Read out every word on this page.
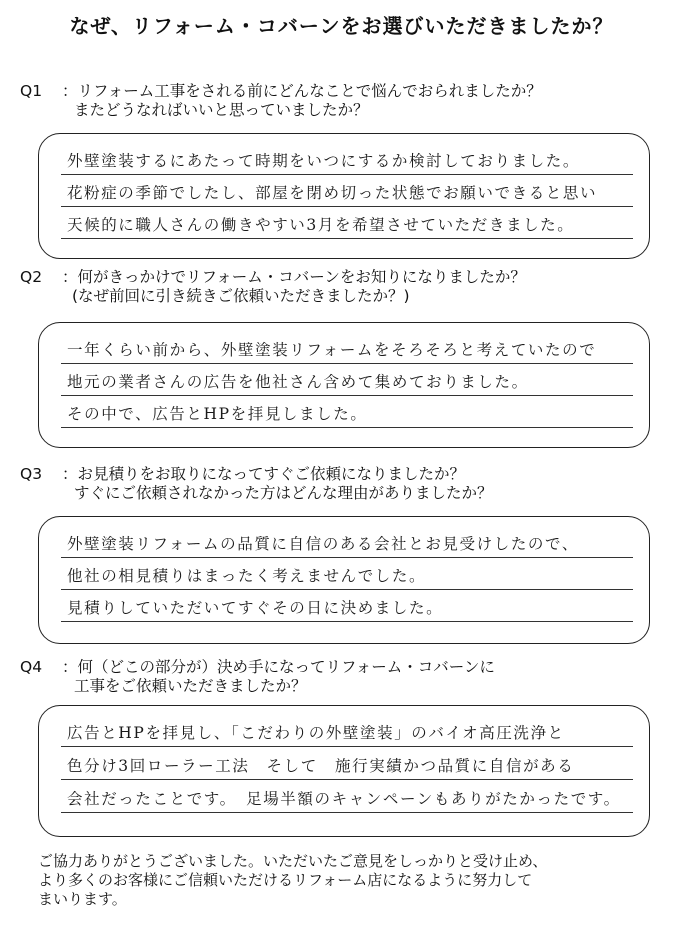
なぜ、リフォーム・コバーンをお選びいただきましたか？
Q1	：リフォーム工事をされる前にどんなことで悩んでおられましたか？
またどうなればいいと思っていましたか？
外壁塗装するにあたって時期をいつにするか検討しておりました。
花粉症の季節でしたし、部屋を閉め切った状態でお願いできると思い
天候的に職人さんの働きやすい3月を希望させていただきました。
Q2	：何がきっかけでリフォーム・コバーンをお知りになりましたか？
(なぜ前回に引き続きご依頼いただきましたか？)
一年くらい前から、外壁塗装リフォームをそろそろと考えていたので
地元の業者さんの広告を他社さん含めて集めておりました。
その中で、広告とHPを拝見しました。
Q3	：お見積りをお取りになってすぐご依頼になりましたか？
すぐにご依頼されなかった方はどんな理由がありましたか？
外壁塗装リフォームの品質に自信のある会社とお見受けしたので、
他社の相見積りはまったく考えませんでした。
見積りしていただいてすぐその日に決めました。
Q4	：何（どこの部分が）決め手になってリフォーム・コバーンに
工事をご依頼いただきましたか？
広告とHPを拝見し、「こだわりの外壁塗装」のバイオ高圧洗浄と
色分け3回ローラー工法　そして　施行実績かつ品質に自信がある
会社だったことです。　足場半額のキャンペーンもありがたかったです。
ご協力ありがとうございました。いただいたご意見をしっかりと受け止め、
より多くのお客様にご信頼いただけるリフォーム店になるように努力して
まいります。
